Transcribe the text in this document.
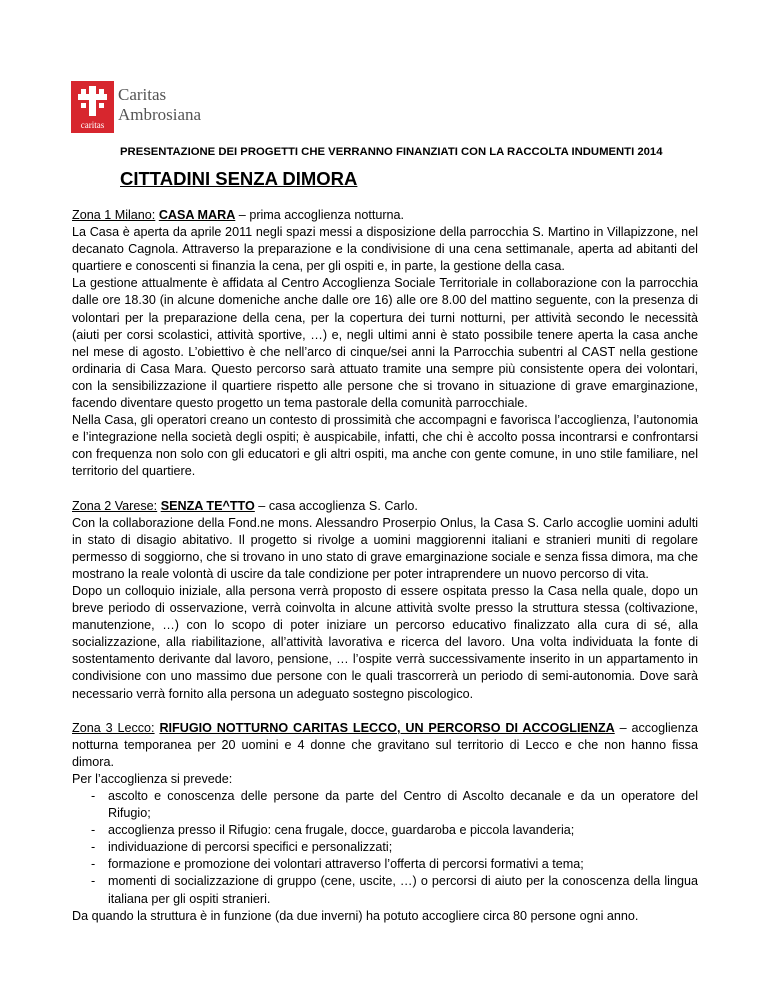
caritas
Caritas
Ambrosiana
PRESENTAZIONE DEI PROGETTI CHE VERRANNO FINANZIATI CON LA RACCOLTA INDUMENTI 2014
CITTADINI SENZA DIMORA

Zona 1 Milano: CASA MARA – prima accoglienza notturna.

La Casa è aperta da aprile 2011 negli spazi messi a disposizione della parrocchia S. Martino in Villapizzone, nel decanato Cagnola. Attraverso la preparazione e la condivisione di una cena settimanale, aperta ad abitanti del quartiere e conoscenti si finanzia la cena, per gli ospiti e, in parte, la gestione della casa.

La gestione attualmente è affidata al Centro Accoglienza Sociale Territoriale in collaborazione con la parrocchia dalle ore 18.30 (in alcune domeniche anche dalle ore 16) alle ore 8.00 del mattino seguente, con la presenza di volontari per la preparazione della cena, per la copertura dei turni notturni, per attività secondo le necessità (aiuti per corsi scolastici, attività sportive, …) e, negli ultimi anni è stato possibile tenere aperta la casa anche nel mese di agosto. L’obiettivo è che nell’arco di cinque/sei anni la Parrocchia subentri al CAST nella gestione ordinaria di Casa Mara. Questo percorso sarà attuato tramite una sempre più consistente opera dei volontari, con la sensibilizzazione il quartiere rispetto alle persone che si trovano in situazione di grave emarginazione, facendo diventare questo progetto un tema pastorale della comunità parrocchiale.

Nella Casa, gli operatori creano un contesto di prossimità che accompagni e favorisca l’accoglienza, l’autonomia e l’integrazione nella società degli ospiti; è auspicabile, infatti, che chi è accolto possa incontrarsi e confrontarsi con frequenza non solo con gli educatori e gli altri ospiti, ma anche con gente comune, in uno stile familiare, nel territorio del quartiere.

Zona 2 Varese: SENZA TE^TTO – casa accoglienza S. Carlo.

Con la collaborazione della Fond.ne mons. Alessandro Proserpio Onlus, la Casa S. Carlo accoglie uomini adulti in stato di disagio abitativo. Il progetto si rivolge a uomini maggiorenni italiani e stranieri muniti di regolare permesso di soggiorno, che si trovano in uno stato di grave emarginazione sociale e senza fissa dimora, ma che mostrano la reale volontà di uscire da tale condizione per poter intraprendere un nuovo percorso di vita.

Dopo un colloquio iniziale, alla persona verrà proposto di essere ospitata presso la Casa nella quale, dopo un breve periodo di osservazione, verrà coinvolta in alcune attività svolte presso la struttura stessa (coltivazione, manutenzione, …) con lo scopo di poter iniziare un percorso educativo finalizzato alla cura di sé, alla socializzazione, alla riabilitazione, all’attività lavorativa e ricerca del lavoro. Una volta individuata la fonte di sostentamento derivante dal lavoro, pensione, … l’ospite verrà successivamente inserito in un appartamento in condivisione con uno massimo due persone con le quali trascorrerà un periodo di semi-autonomia. Dove sarà necessario verrà fornito alla persona un adeguato sostegno piscologico.

Zona 3 Lecco: RIFUGIO NOTTURNO CARITAS LECCO, UN PERCORSO DI ACCOGLIENZA – accoglienza notturna temporanea per 20 uomini e 4 donne che gravitano sul territorio di Lecco e che non hanno fissa dimora.

Per l’accoglienza si prevede:

- ascolto e conoscenza delle persone da parte del Centro di Ascolto decanale e da un operatore del Rifugio;
- accoglienza presso il Rifugio: cena frugale, docce, guardaroba e piccola lavanderia;
- individuazione di percorsi specifici e personalizzati;
- formazione e promozione dei volontari attraverso l’offerta di percorsi formativi a tema;
- momenti di socializzazione di gruppo (cene, uscite, …) o percorsi di aiuto per la conoscenza della lingua italiana per gli ospiti stranieri.

Da quando la struttura è in funzione (da due inverni) ha potuto accogliere circa 80 persone ogni anno.
